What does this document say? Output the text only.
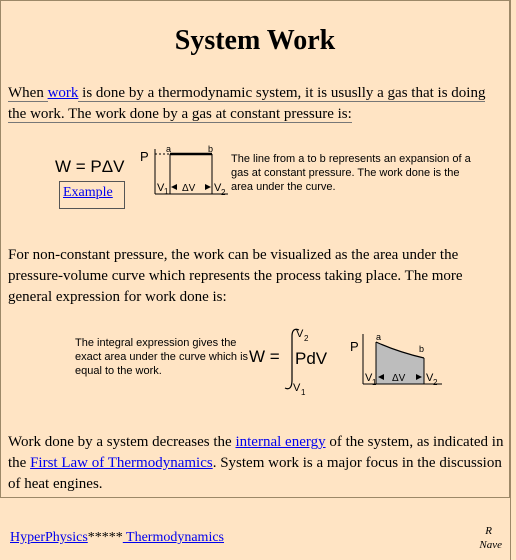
System Work
When work is done by a thermodynamic system, it is ususlly a gas that is doing the work. The work done by a gas at constant pressure is:
W = PΔV
Example
P a	b
V 1 ΔV V 2
The line from a to b represents an expansion of a gas at constant pressure. The work done is the area under the curve.
For non-constant pressure, the work can be visualized as the area under the pressure-volume curve which represents the process taking place. The more general expression for work done is:
The integral expression gives the exact area under the curve which is equal to the work.
W =
V 2
PdV
V 1
P
a
b
V 1 ΔV V 2
Work done by a system decreases the internal energy of the system, as indicated in the First Law of Thermodynamics. System work is a major focus in the discussion of heat engines.
HyperPhysics***** Thermodynamics	R
Nave
